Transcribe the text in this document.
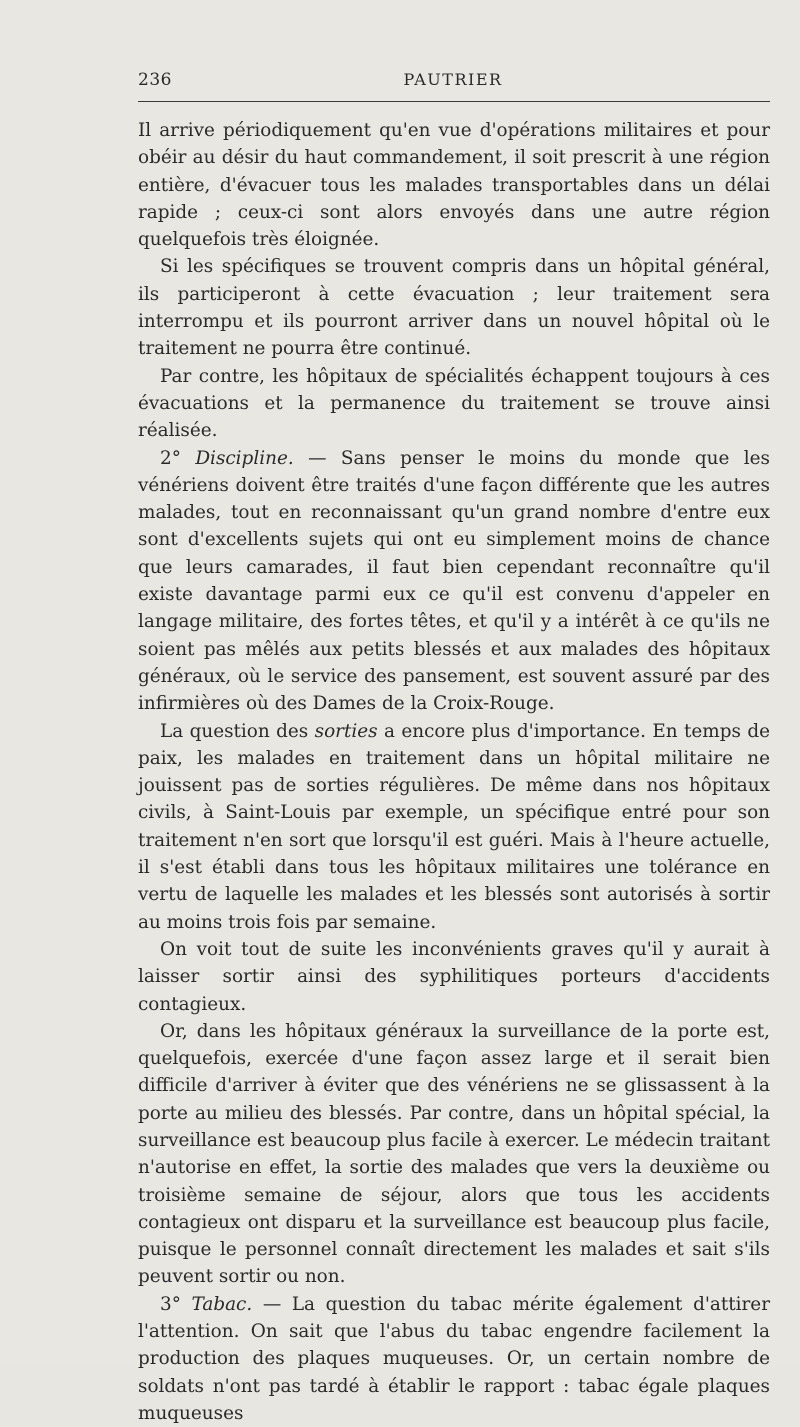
236	PAUTRIER

Il arrive périodiquement qu'en vue d'opérations militaires et pour obéir au désir du haut commandement, il soit prescrit à une région entière, d'évacuer tous les malades transportables dans un délai rapide ; ceux-ci sont alors envoyés dans une autre région quelquefois très éloignée.

Si les spécifiques se trouvent compris dans un hôpital général, ils participeront à cette évacuation ; leur traitement sera interrompu et ils pourront arriver dans un nouvel hôpital où le traitement ne pourra être continué.

Par contre, les hôpitaux de spécialités échappent toujours à ces évacuations et la permanence du traitement se trouve ainsi réalisée.

2° Discipline. — Sans penser le moins du monde que les vénériens doivent être traités d'une façon différente que les autres malades, tout en reconnaissant qu'un grand nombre d'entre eux sont d'excellents sujets qui ont eu simplement moins de chance que leurs camarades, il faut bien cependant reconnaître qu'il existe davantage parmi eux ce qu'il est convenu d'appeler en langage militaire, des fortes têtes, et qu'il y a intérêt à ce qu'ils ne soient pas mêlés aux petits blessés et aux malades des hôpitaux généraux, où le service des pansement, est souvent assuré par des infirmières où des Dames de la Croix-Rouge.

La question des sorties a encore plus d'importance. En temps de paix, les malades en traitement dans un hôpital militaire ne jouissent pas de sorties régulières. De même dans nos hôpitaux civils, à Saint-Louis par exemple, un spécifique entré pour son traitement n'en sort que lorsqu'il est guéri. Mais à l'heure actuelle, il s'est établi dans tous les hôpitaux militaires une tolérance en vertu de laquelle les malades et les blessés sont autorisés à sortir au moins trois fois par semaine.

On voit tout de suite les inconvénients graves qu'il y aurait à laisser sortir ainsi des syphilitiques porteurs d'accidents contagieux.

Or, dans les hôpitaux généraux la surveillance de la porte est, quelquefois, exercée d'une façon assez large et il serait bien difficile d'arriver à éviter que des vénériens ne se glissassent à la porte au milieu des blessés. Par contre, dans un hôpital spécial, la surveillance est beaucoup plus facile à exercer. Le médecin traitant n'autorise en effet, la sortie des malades que vers la deuxième ou troisième semaine de séjour, alors que tous les accidents contagieux ont disparu et la surveillance est beaucoup plus facile, puisque le personnel connaît directement les malades et sait s'ils peuvent sortir ou non.

3° Tabac. — La question du tabac mérite également d'attirer l'attention. On sait que l'abus du tabac engendre facilement la production des plaques muqueuses. Or, un certain nombre de soldats n'ont pas tardé à établir le rapport : tabac égale plaques muqueuses
